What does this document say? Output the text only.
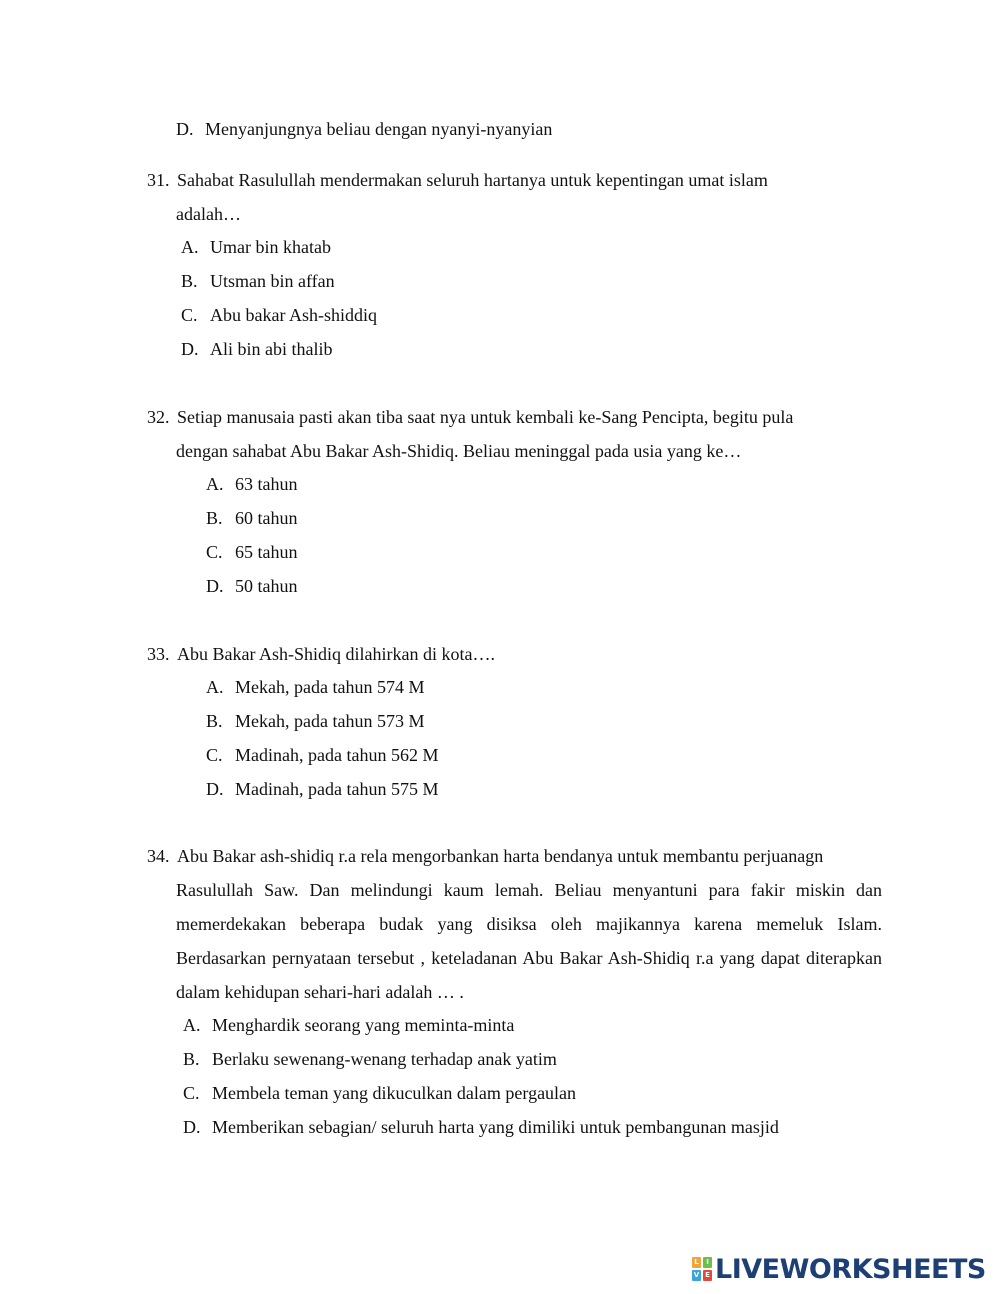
D. Menyanjungnya beliau dengan nyanyi-nyanyian
31. Sahabat Rasulullah mendermakan seluruh hartanya untuk kepentingan umat islam
adalah…
A. Umar bin khatab
B. Utsman bin affan
C. Abu bakar Ash-shiddiq
D. Ali bin abi thalib
32. Setiap manusaia pasti akan tiba saat nya untuk kembali ke-Sang Pencipta, begitu pula
dengan sahabat Abu Bakar Ash-Shidiq. Beliau meninggal pada usia yang ke…
A. 63 tahun
B. 60 tahun
C. 65 tahun
D. 50 tahun
33. Abu Bakar Ash-Shidiq dilahirkan di kota….
A. Mekah, pada tahun 574 M
B. Mekah, pada tahun 573 M
C. Madinah, pada tahun 562 M
D. Madinah, pada tahun 575 M
34. Abu Bakar ash-shidiq r.a rela mengorbankan harta bendanya untuk membantu perjuanagn
Rasulullah Saw. Dan melindungi kaum lemah. Beliau menyantuni para fakir miskin dan memerdekakan beberapa budak yang disiksa oleh majikannya karena memeluk Islam. Berdasarkan pernyataan tersebut , keteladanan Abu Bakar Ash-Shidiq r.a yang dapat diterapkan dalam kehidupan sehari-hari adalah … .
A. Menghardik seorang yang meminta-minta
B. Berlaku sewenang-wenang terhadap anak yatim
C. Membela teman yang dikuculkan dalam pergaulan
D. Memberikan sebagian/ seluruh harta yang dimiliki untuk pembangunan masjid
L	I
V E LIVEWORKSHEETS
